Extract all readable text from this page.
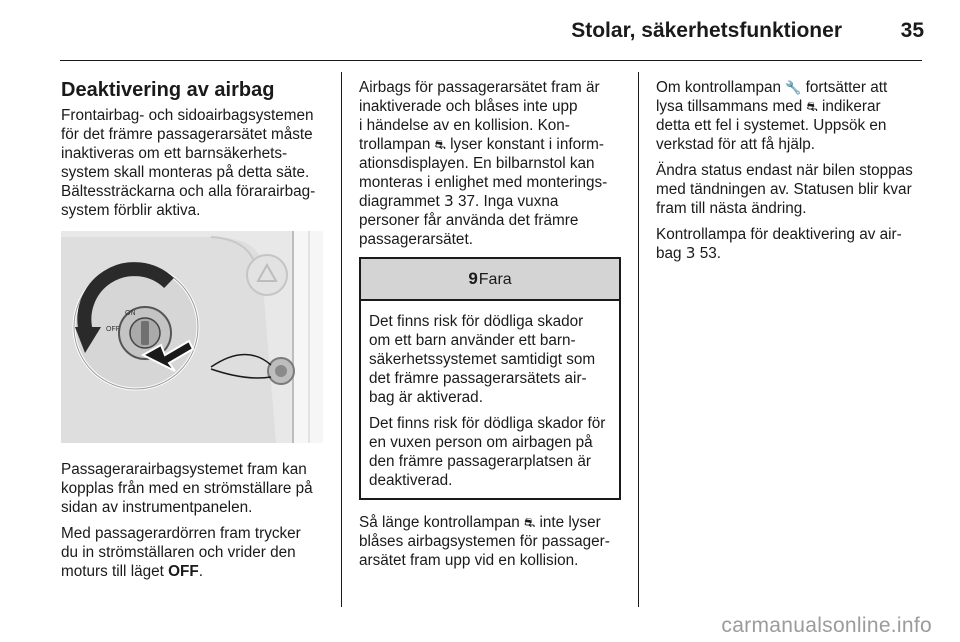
Stolar, säkerhetsfunktioner	35
Deaktivering av airbag

Frontairbag- och sidoairbagsystemen
för det främre passagerarsätet måste
inaktiveras om ett barnsäkerhets-
system skall monteras på detta säte.
Bältessträckarna och alla förarairbag-
system förblir aktiva.

ON
OFF

Passagerarairbagsystemet fram kan
kopplas från med en strömställare på
sidan av instrumentpanelen.

Med passagerardörren fram trycker
du in strömställaren och vrider den
moturs till läget OFF.

Airbags för passagerarsätet fram är
inaktiverade och blåses inte upp
i händelse av en kollision. Kon-
trollampan ⛐ lyser konstant i inform-
ationsdisplayen. En bilbarnstol kan
monteras i enlighet med monterings-
diagrammet 3 37. Inga vuxna
personer får använda det främre
passagerarsätet.

9Fara

Det finns risk för dödliga skador
om ett barn använder ett barn-
säkerhetssystemet samtidigt som
det främre passagerarsätets air-
bag är aktiverad.

Det finns risk för dödliga skador för
en vuxen person om airbagen på
den främre passagerarplatsen är
deaktiverad.

Så länge kontrollampan ⛐ inte lyser
blåses airbagsystemen för passager-
arsätet fram upp vid en kollision.

Om kontrollampan 🔧 fortsätter att
lysa tillsammans med ⛐ indikerar
detta ett fel i systemet. Uppsök en
verkstad för att få hjälp.

Ändra status endast när bilen stoppas
med tändningen av. Statusen blir kvar
fram till nästa ändring.

Kontrollampa för deaktivering av air-
bag 3 53.

carmanualsonline.info
